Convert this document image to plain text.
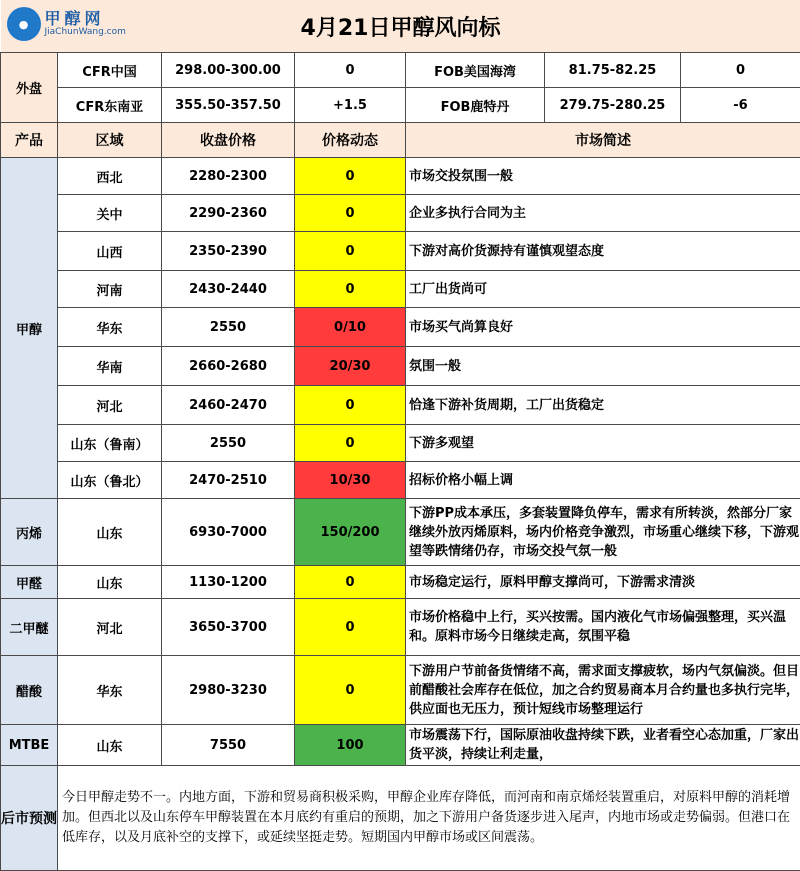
● 甲醇网
JiaChunWang.com 4月21日甲醇风向标						

外盘	CFR中国	298.00-300.00	0	FOB美国海湾	81.75-82.25	0
	CFR东南亚	355.50-357.50	+1.5	FOB鹿特丹	279.75-280.25	-6
产品	区域	收盘价格	价格动态	市场简述		
甲醇	西北	2280-2300	0	市场交投氛围一般		
	关中	2290-2360	0	企业多执行合同为主		
	山西	2350-2390	0	下游对高价货源持有谨慎观望态度		
	河南	2430-2440	0	工厂出货尚可		
	华东	2550	0/10	市场买气尚算良好		
	华南	2660-2680	20/30	氛围一般		
	河北	2460-2470	0	恰逢下游补货周期，工厂出货稳定		
	山东（鲁南）	2550	0	下游多观望		
	山东（鲁北）	2470-2510	10/30	招标价格小幅上调		
丙烯	山东	6930-7000	150/200	下游PP成本承压，多套装置降负停车，需求有所转淡，然部分厂家继续外放丙烯原料，场内价格竞争激烈，市场重心继续下移，下游观望等跌情绪仍存，市场交投气氛一般		
甲醛	山东	1130-1200	0	市场稳定运行，原料甲醇支撑尚可，下游需求清淡		
二甲醚	河北	3650-3700	0	市场价格稳中上行，买兴按需。国内液化气市场偏强整理，买兴温和。原料市场今日继续走高，氛围平稳		
醋酸	华东	2980-3230	0	下游用户节前备货情绪不高，需求面支撑疲软，场内气氛偏淡。但目前醋酸社会库存在低位，加之合约贸易商本月合约量也多执行完毕，供应面也无压力，预计短线市场整理运行		
MTBE	山东	7550	100	市场震荡下行，国际原油收盘持续下跌，业者看空心态加重，厂家出货平淡，持续让利走量，		
后市预测	今日甲醇走势不一。内地方面，下游和贸易商积极采购，甲醇企业库存降低，而河南和南京烯烃装置重启，对原料甲醇的消耗增加。但西北以及山东停车甲醇装置在本月底约有重启的预期，加之下游用户备货逐步进入尾声，内地市场或走势偏弱。但港口在低库存，以及月底补空的支撑下，或延续坚挺走势。短期国内甲醇市场或区间震荡。					
